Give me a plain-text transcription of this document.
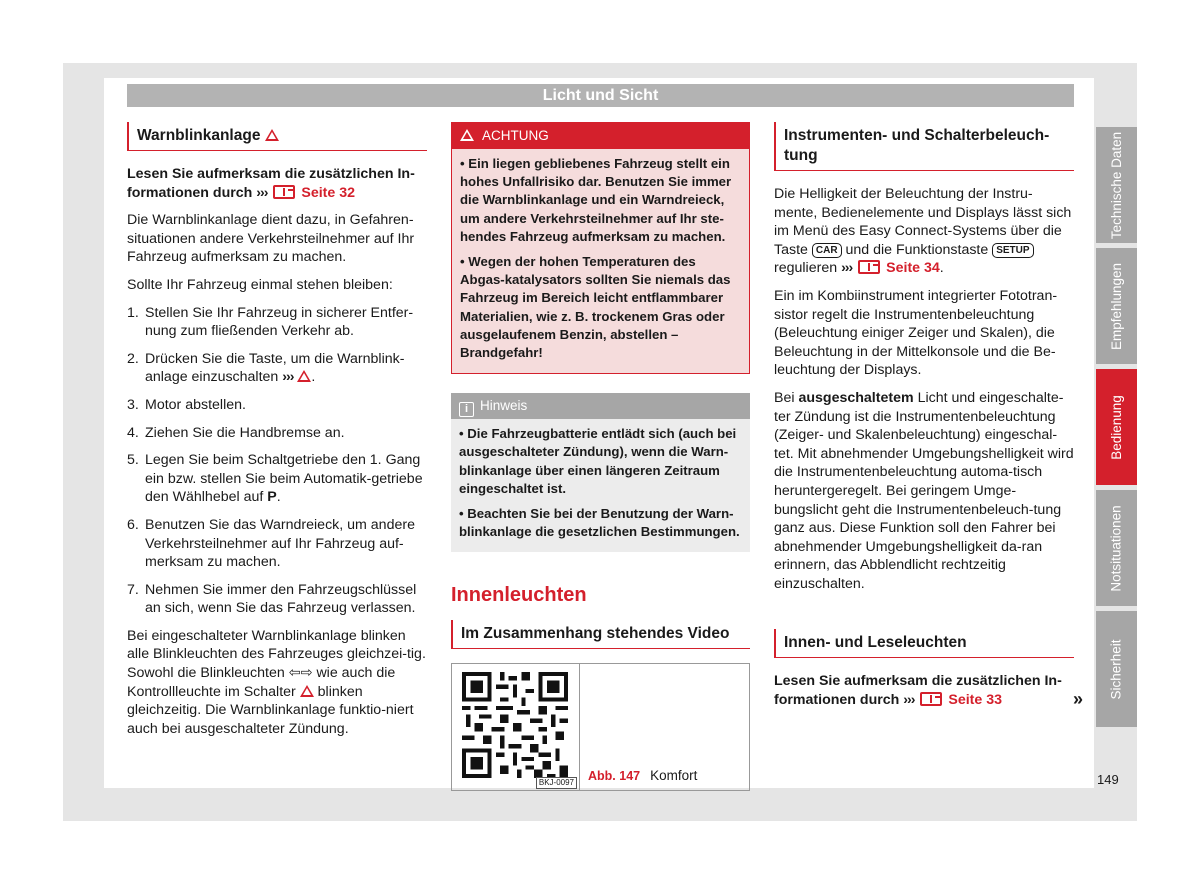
Licht und Sicht
Warnblinkanlage
Lesen Sie aufmerksam die zusätzlichen In-formationen durch ››› Seite 32

Die Warnblinkanlage dient dazu, in Gefahren-situationen andere Verkehrsteilnehmer auf Ihr Fahrzeug aufmerksam zu machen.

Sollte Ihr Fahrzeug einmal stehen bleiben:

1. Stellen Sie Ihr Fahrzeug in sicherer Entfer-nung zum fließenden Verkehr ab.
2. Drücken Sie die Taste, um die Warnblink-anlage einzuschalten ››› .
3. Motor abstellen.
4. Ziehen Sie die Handbremse an.
5. Legen Sie beim Schaltgetriebe den 1. Gang ein bzw. stellen Sie beim Automatik-getriebe den Wählhebel auf P.
6. Benutzen Sie das Warndreieck, um andere Verkehrsteilnehmer auf Ihr Fahrzeug auf-merksam zu machen.
7. Nehmen Sie immer den Fahrzeugschlüssel an sich, wenn Sie das Fahrzeug verlassen.

Bei eingeschalteter Warnblinkanlage blinken alle Blinkleuchten des Fahrzeuges gleichzei-tig. Sowohl die Blinkleuchten ⇦⇨ wie auch die Kontrollleuchte im Schalter blinken gleichzeitig. Die Warnblinkanlage funktio-niert auch bei ausgeschalteter Zündung.

ACHTUNG
• Ein liegen gebliebenes Fahrzeug stellt ein hohes Unfallrisiko dar. Benutzen Sie immer die Warnblinkanlage und ein Warndreieck, um andere Verkehrsteilnehmer auf Ihr ste-hendes Fahrzeug aufmerksam zu machen.
• Wegen der hohen Temperaturen des Abgas-katalysators sollten Sie niemals das Fahrzeug im Bereich leicht entflammbarer Materialien, wie z. B. trockenem Gras oder ausgelaufenem Benzin, abstellen – Brandgefahr!
i Hinweis
• Die Fahrzeugbatterie entlädt sich (auch bei ausgeschalteter Zündung), wenn die Warn-blinkanlage über einen längeren Zeitraum eingeschaltet ist.
• Beachten Sie bei der Benutzung der Warn-blinkanlage die gesetzlichen Bestimmungen.
Innenleuchten
Im Zusammenhang stehendes Video
BKJ-0097
Abb. 147 Komfort
Instrumenten- und Schalterbeleuch-tung

Die Helligkeit der Beleuchtung der Instru-mente, Bedienelemente und Displays lässt sich im Menü des Easy Connect-Systems über die Taste CAR und die Funktionstaste SETUP regulieren ››› Seite 34.

Ein im Kombiinstrument integrierter Fototran-sistor regelt die Instrumentenbeleuchtung (Beleuchtung einiger Zeiger und Skalen), die Beleuchtung in der Mittelkonsole und die Be-leuchtung der Displays.

Bei ausgeschaltetem Licht und eingeschalte-ter Zündung ist die Instrumentenbeleuchtung (Zeiger- und Skalenbeleuchtung) eingeschal-tet. Mit abnehmender Umgebungshelligkeit wird die Instrumentenbeleuchtung automa-tisch heruntergeregelt. Bei geringem Umge-bungslicht geht die Instrumentenbeleuch-tung ganz aus. Diese Funktion soll den Fahrer bei abnehmender Umgebungshelligkeit da-ran erinnern, das Abblendlicht rechtzeitig einzuschalten.

Innen- und Leseleuchten
Lesen Sie aufmerksam die zusätzlichen In-formationen durch ››› Seite 33	»
Technische Daten
Empfehlungen
Bedienung
Notsituationen
Sicherheit
149
